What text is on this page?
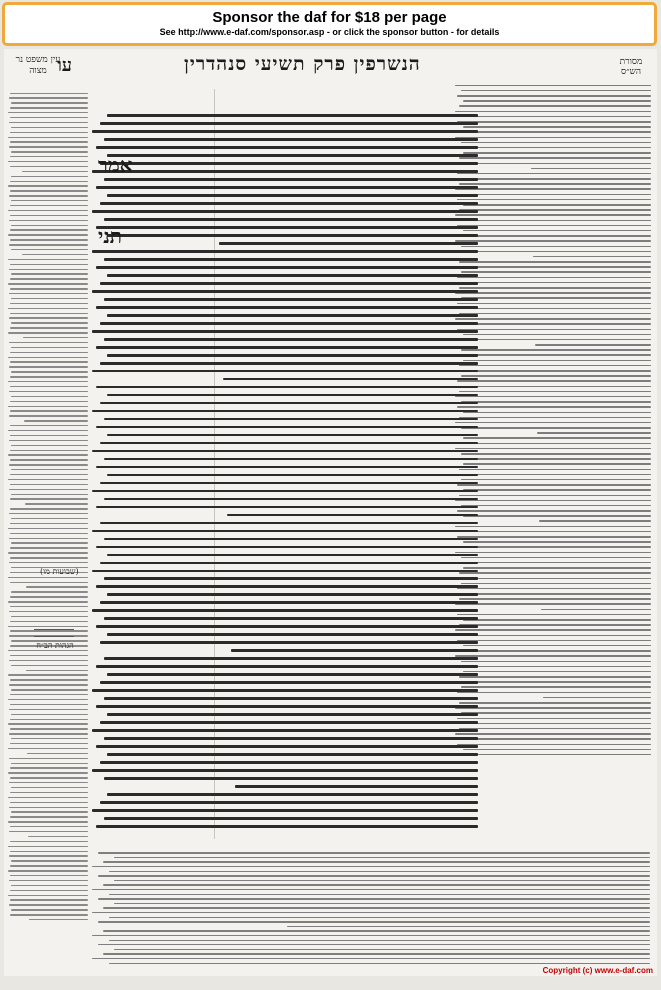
Sponsor the daf for $18 per page
See http://www.e-daf.com/sponsor.asp - or click the sponsor button - for details
עו	הנשרפין פרק תשיעי סנהדרין
עין משפט נר מצוה
מסורת הש״ס
אמר
תני
הגהות הב״ח
(שבועות מו)
Copyright (c) www.e-daf.com
